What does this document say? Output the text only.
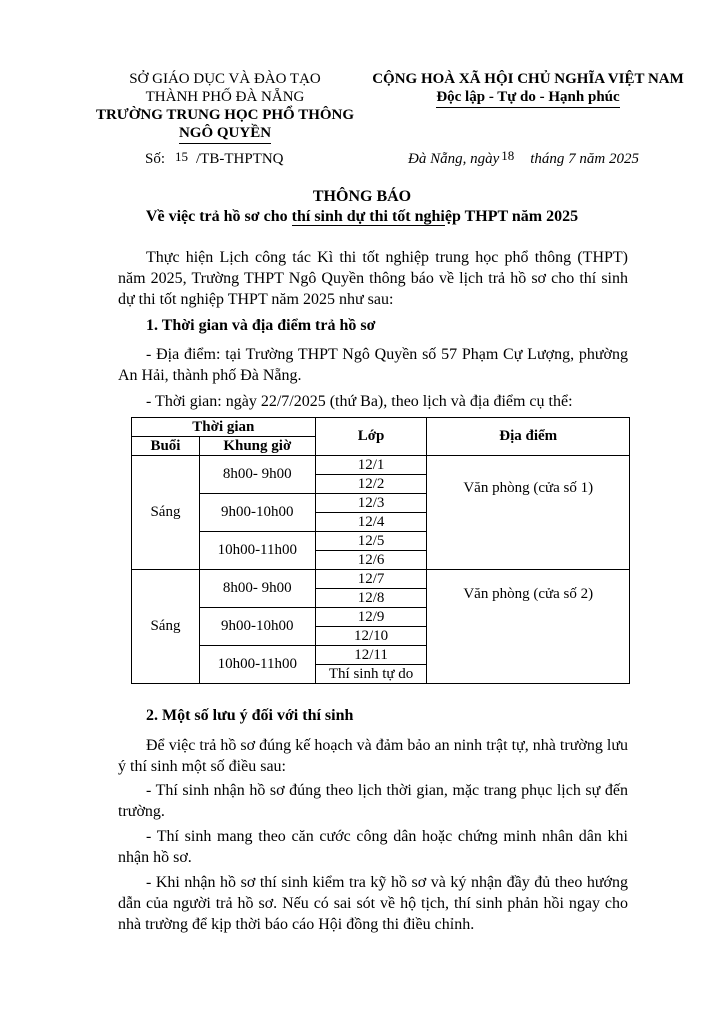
SỞ GIÁO DỤC VÀ ĐÀO TẠO
THÀNH PHỐ ĐÀ NẴNG
TRƯỜNG TRUNG HỌC PHỔ THÔNG
NGÔ QUYỀN
CỘNG HOÀ XÃ HỘI CHỦ NGHĨA VIỆT NAM
Độc lập - Tự do - Hạnh phúc
Số: 15 /TB-THPTNQ	Đà Nẵng, ngày 18 tháng 7 năm 2025
THÔNG BÁO
Về việc trả hồ sơ cho thí sinh dự thi tốt nghiệp THPT năm 2025
Thực hiện Lịch công tác Kì thi tốt nghiệp trung học phổ thông (THPT) năm 2025, Trường THPT Ngô Quyền thông báo về lịch trả hồ sơ cho thí sinh dự thi tốt nghiệp THPT năm 2025 như sau:
1. Thời gian và địa điểm trả hồ sơ
- Địa điểm: tại Trường THPT Ngô Quyền số 57 Phạm Cự Lượng, phường An Hải, thành phố Đà Nẵng.
- Thời gian: ngày 22/7/2025 (thứ Ba), theo lịch và địa điểm cụ thể:
Thời gian		Lớp	Địa điểm
Buổi	Khung giờ		
Sáng	8h00- 9h00	12/1	Văn phòng (cửa số 1)
		12/2	
	9h00-10h00	12/3	
		12/4	
	10h00-11h00	12/5	
		12/6	
Sáng	8h00- 9h00	12/7	Văn phòng (cửa số 2)
		12/8	
	9h00-10h00	12/9	
		12/10	
	10h00-11h00	12/11	
		Thí sinh tự do	
2. Một số lưu ý đối với thí sinh
Để việc trả hồ sơ đúng kế hoạch và đảm bảo an ninh trật tự, nhà trường lưu ý thí sinh một số điều sau:
- Thí sinh nhận hồ sơ đúng theo lịch thời gian, mặc trang phục lịch sự đến trường.
- Thí sinh mang theo căn cước công dân hoặc chứng minh nhân dân khi nhận hồ sơ.
- Khi nhận hồ sơ thí sinh kiểm tra kỹ hồ sơ và ký nhận đầy đủ theo hướng dẫn của người trả hồ sơ. Nếu có sai sót về hộ tịch, thí sinh phản hồi ngay cho nhà trường để kịp thời báo cáo Hội đồng thi điều chỉnh.
